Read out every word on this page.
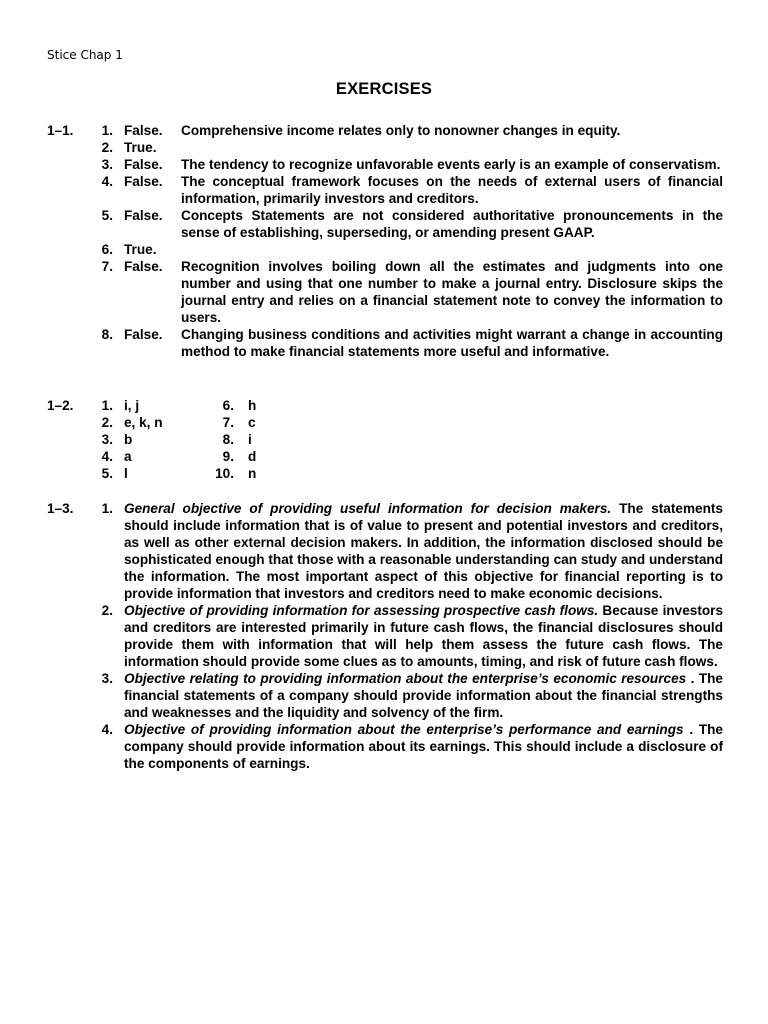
Stice Chap 1
EXERCISES
1–1.	1. False. Comprehensive income relates only to nonowner changes in equity.
2. True.
3. False. The tendency to recognize unfavorable events early is an example of conservatism.
4. False. The conceptual framework focuses on the needs of external users of financial information, primarily investors and creditors.
5. False. Concepts Statements are not considered authoritative pronouncements in the sense of establishing, superseding, or amending present GAAP.
6. True.
7. False. Recognition involves boiling down all the estimates and judgments into one number and using that one number to make a journal entry. Disclosure skips the journal entry and relies on a financial statement note to convey the information to users.
8. False. Changing business conditions and activities might warrant a change in accounting method to make financial statements more useful and informative.
1–2.	1. i, j	6. h
2. e, k, n	7. c
3. b	8. i
4. a	9. d
5. l	10. n
1–3.	1. General objective of providing useful information for decision makers. The statements should include information that is of value to present and potential investors and creditors, as well as other external decision makers. In addition, the information disclosed should be sophisticated enough that those with a reasonable understanding can study and understand the information. The most important aspect of this objective for financial reporting is to provide information that investors and creditors need to make economic decisions.
2. Objective of providing information for assessing prospective cash flows. Because investors and creditors are interested primarily in future cash flows, the financial disclosures should provide them with information that will help them assess the future cash flows. The information should provide some clues as to amounts, timing, and risk of future cash flows.
3. Objective relating to providing information about the enterprise’s economic resources . The financial statements of a company should provide information about the financial strengths and weaknesses and the liquidity and solvency of the firm.
4. Objective of providing information about the enterprise’s performance and earnings . The company should provide information about its earnings. This should include a disclosure of the components of earnings.
